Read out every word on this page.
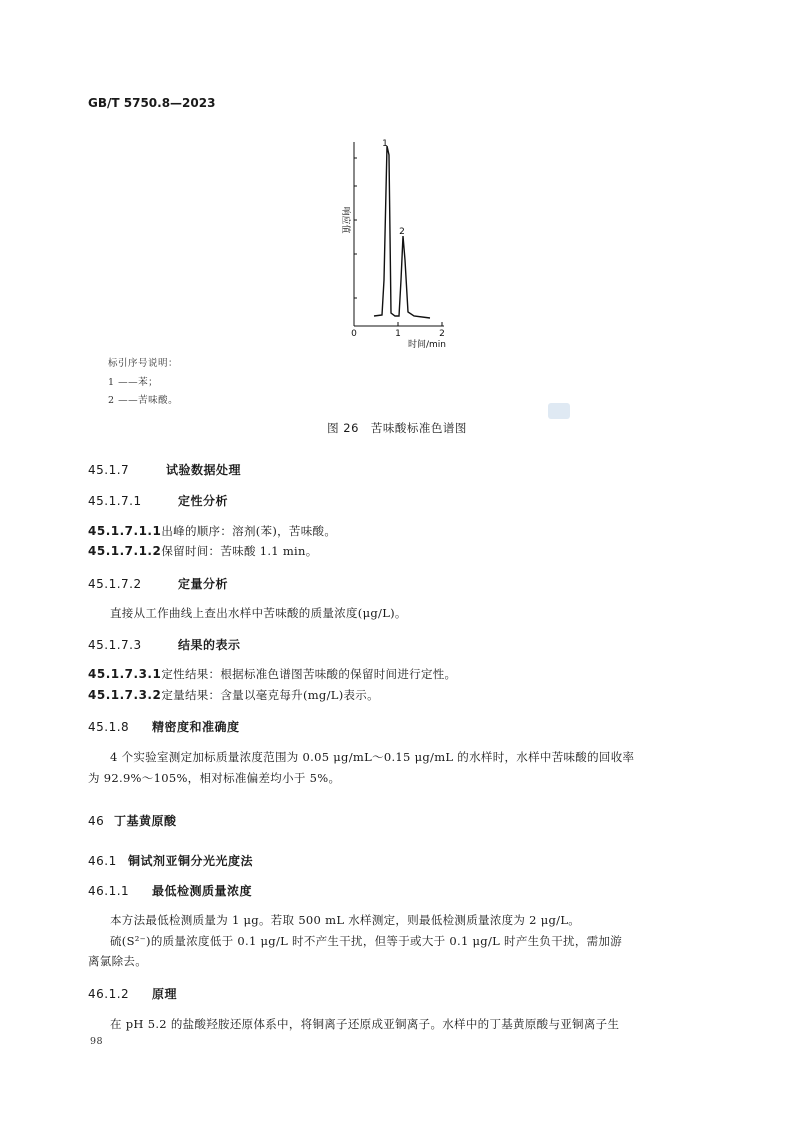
GB/T 5750.8—2023
1
2
0	1	2
时间/min
响应值
标引序号说明：
1 ——苯；
2 ——苦味酸。
图 26　苦味酸标准色谱图
45.1.7	试验数据处理
45.1.7.1	定性分析
45.1.7.1.1出峰的顺序：溶剂(苯)，苦味酸。
45.1.7.1.2保留时间：苦味酸 1.1 min。
45.1.7.2	定量分析
直接从工作曲线上查出水样中苦味酸的质量浓度(μg/L)。
45.1.7.3	结果的表示
45.1.7.3.1定性结果：根据标准色谱图苦味酸的保留时间进行定性。
45.1.7.3.2定量结果：含量以毫克每升(mg/L)表示。
45.1.8 精密度和准确度
4 个实验室测定加标质量浓度范围为 0.05 μg/mL～0.15 μg/mL 的水样时，水样中苦味酸的回收率
为 92.9%～105%，相对标准偏差均小于 5%。
46 丁基黄原酸
46.1 铜试剂亚铜分光光度法
46.1.1 最低检测质量浓度
本方法最低检测质量为 1 μg。若取 500 mL 水样测定，则最低检测质量浓度为 2 μg/L。
硫(S²⁻)的质量浓度低于 0.1 μg/L 时不产生干扰，但等于或大于 0.1 μg/L 时产生负干扰，需加游
离氯除去。
46.1.2 原理
在 pH 5.2 的盐酸羟胺还原体系中，将铜离子还原成亚铜离子。水样中的丁基黄原酸与亚铜离子生
98
